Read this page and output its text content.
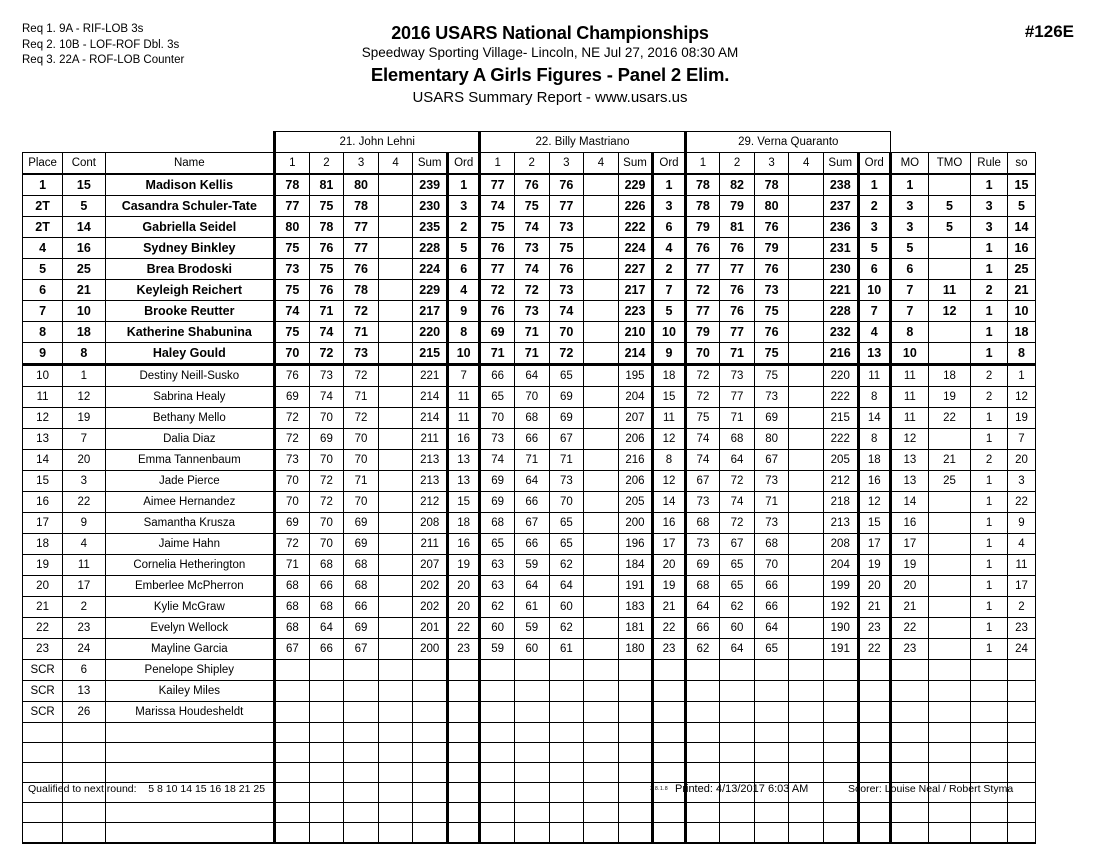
Req 1. 9A - RIF-LOB 3s
Req 2. 10B - LOF-ROF Dbl. 3s
Req 3. 22A - ROF-LOB Counter
2016 USARS National Championships
Speedway Sporting Village- Lincoln, NE Jul 27, 2016 08:30 AM
Elementary A Girls Figures - Panel 2 Elim.
USARS Summary Report - www.usars.us
#126E
			21. John Lehni						22. Billy Mastriano						29. Verna Quaranto									
Place	Cont	Name	1	2	3	4	Sum	Ord	1	2	3	4	Sum	Ord	1	2	3	4	Sum	Ord	MO	TMO	Rule	so
1	15	Madison Kellis	78	81	80		239	1	77	76	76		229	1	78	82	78		238	1	1		1	15
2T	5	Casandra Schuler-Tate	77	75	78		230	3	74	75	77		226	3	78	79	80		237	2	3	5	3	5
2T	14	Gabriella Seidel	80	78	77		235	2	75	74	73		222	6	79	81	76		236	3	3	5	3	14
4	16	Sydney Binkley	75	76	77		228	5	76	73	75		224	4	76	76	79		231	5	5		1	16
5	25	Brea Brodoski	73	75	76		224	6	77	74	76		227	2	77	77	76		230	6	6		1	25
6	21	Keyleigh Reichert	75	76	78		229	4	72	72	73		217	7	72	76	73		221	10	7	11	2	21
7	10	Brooke Reutter	74	71	72		217	9	76	73	74		223	5	77	76	75		228	7	7	12	1	10
8	18	Katherine Shabunina	75	74	71		220	8	69	71	70		210	10	79	77	76		232	4	8		1	18
9	8	Haley Gould	70	72	73		215	10	71	71	72		214	9	70	71	75		216	13	10		1	8
10	1	Destiny Neill-Susko	76	73	72		221	7	66	64	65		195	18	72	73	75		220	11	11	18	2	1
11	12	Sabrina Healy	69	74	71		214	11	65	70	69		204	15	72	77	73		222	8	11	19	2	12
12	19	Bethany Mello	72	70	72		214	11	70	68	69		207	11	75	71	69		215	14	11	22	1	19
13	7	Dalia Diaz	72	69	70		211	16	73	66	67		206	12	74	68	80		222	8	12		1	7
14	20	Emma Tannenbaum	73	70	70		213	13	74	71	71		216	8	74	64	67		205	18	13	21	2	20
15	3	Jade Pierce	70	72	71		213	13	69	64	73		206	12	67	72	73		212	16	13	25	1	3
16	22	Aimee Hernandez	70	72	70		212	15	69	66	70		205	14	73	74	71		218	12	14		1	22
17	9	Samantha Krusza	69	70	69		208	18	68	67	65		200	16	68	72	73		213	15	16		1	9
18	4	Jaime Hahn	72	70	69		211	16	65	66	65		196	17	73	67	68		208	17	17		1	4
19	11	Cornelia Hetherington	71	68	68		207	19	63	59	62		184	20	69	65	70		204	19	19		1	11
20	17	Emberlee McPherron	68	66	68		202	20	63	64	64		191	19	68	65	66		199	20	20		1	17
21	2	Kylie McGraw	68	68	66		202	20	62	61	60		183	21	64	62	66		192	21	21		1	2
22	23	Evelyn Wellock	68	64	69		201	22	60	59	62		181	22	66	60	64		190	23	22		1	23
23	24	Mayline Garcia	67	66	67		200	23	59	60	61		180	23	62	64	65		191	22	23		1	24
SCR	6	Penelope Shipley																						
SCR	13	Kailey Miles																						
SCR	26	Marissa Houdesheldt																						

Qualified to next round: 5 8 10 14 15 16 18 21 25	3.8.1.8 Printed: 4/13/2017 6:03 AM	Scorer: Louise Neal / Robert Styma
